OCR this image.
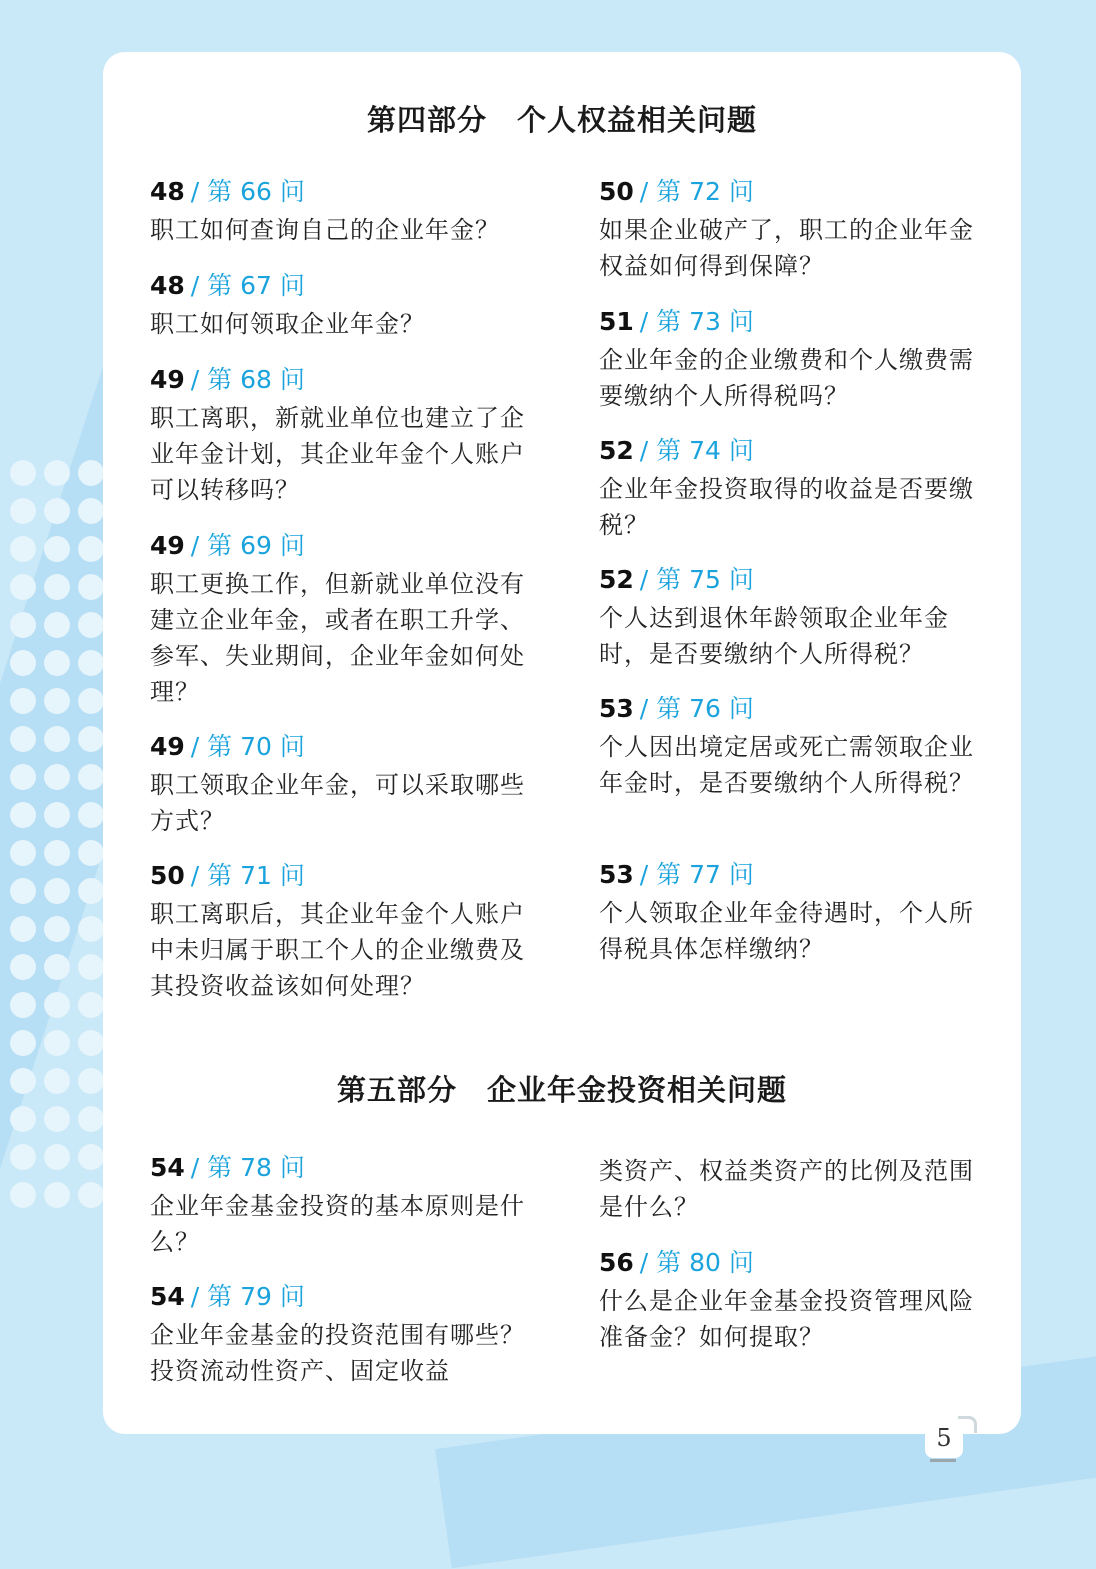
第四部分　个人权益相关问题
48 / 第 66 问
职工如何查询自己的企业年金？
48 / 第 67 问
职工如何领取企业年金？
49 / 第 68 问
职工离职，新就业单位也建立了企业年金计划，其企业年金个人账户可以转移吗？
49 / 第 69 问
职工更换工作，但新就业单位没有建立企业年金，或者在职工升学、参军、失业期间，企业年金如何处理？
49 / 第 70 问
职工领取企业年金，可以采取哪些方式？
50 / 第 71 问
职工离职后，其企业年金个人账户中未归属于职工个人的企业缴费及其投资收益该如何处理？
50 / 第 72 问
如果企业破产了，职工的企业年金权益如何得到保障？
51 / 第 73 问
企业年金的企业缴费和个人缴费需要缴纳个人所得税吗？
52 / 第 74 问
企业年金投资取得的收益是否要缴税？
52 / 第 75 问
个人达到退休年龄领取企业年金时，是否要缴纳个人所得税？
53 / 第 76 问
个人因出境定居或死亡需领取企业年金时，是否要缴纳个人所得税？
53 / 第 77 问
个人领取企业年金待遇时，个人所得税具体怎样缴纳？
第五部分　企业年金投资相关问题
54 / 第 78 问
企业年金基金投资的基本原则是什么？
54 / 第 79 问
企业年金基金的投资范围有哪些？投资流动性资产、固定收益
类资产、权益类资产的比例及范围是什么？
56 / 第 80 问
什么是企业年金基金投资管理风险准备金？如何提取？
5
